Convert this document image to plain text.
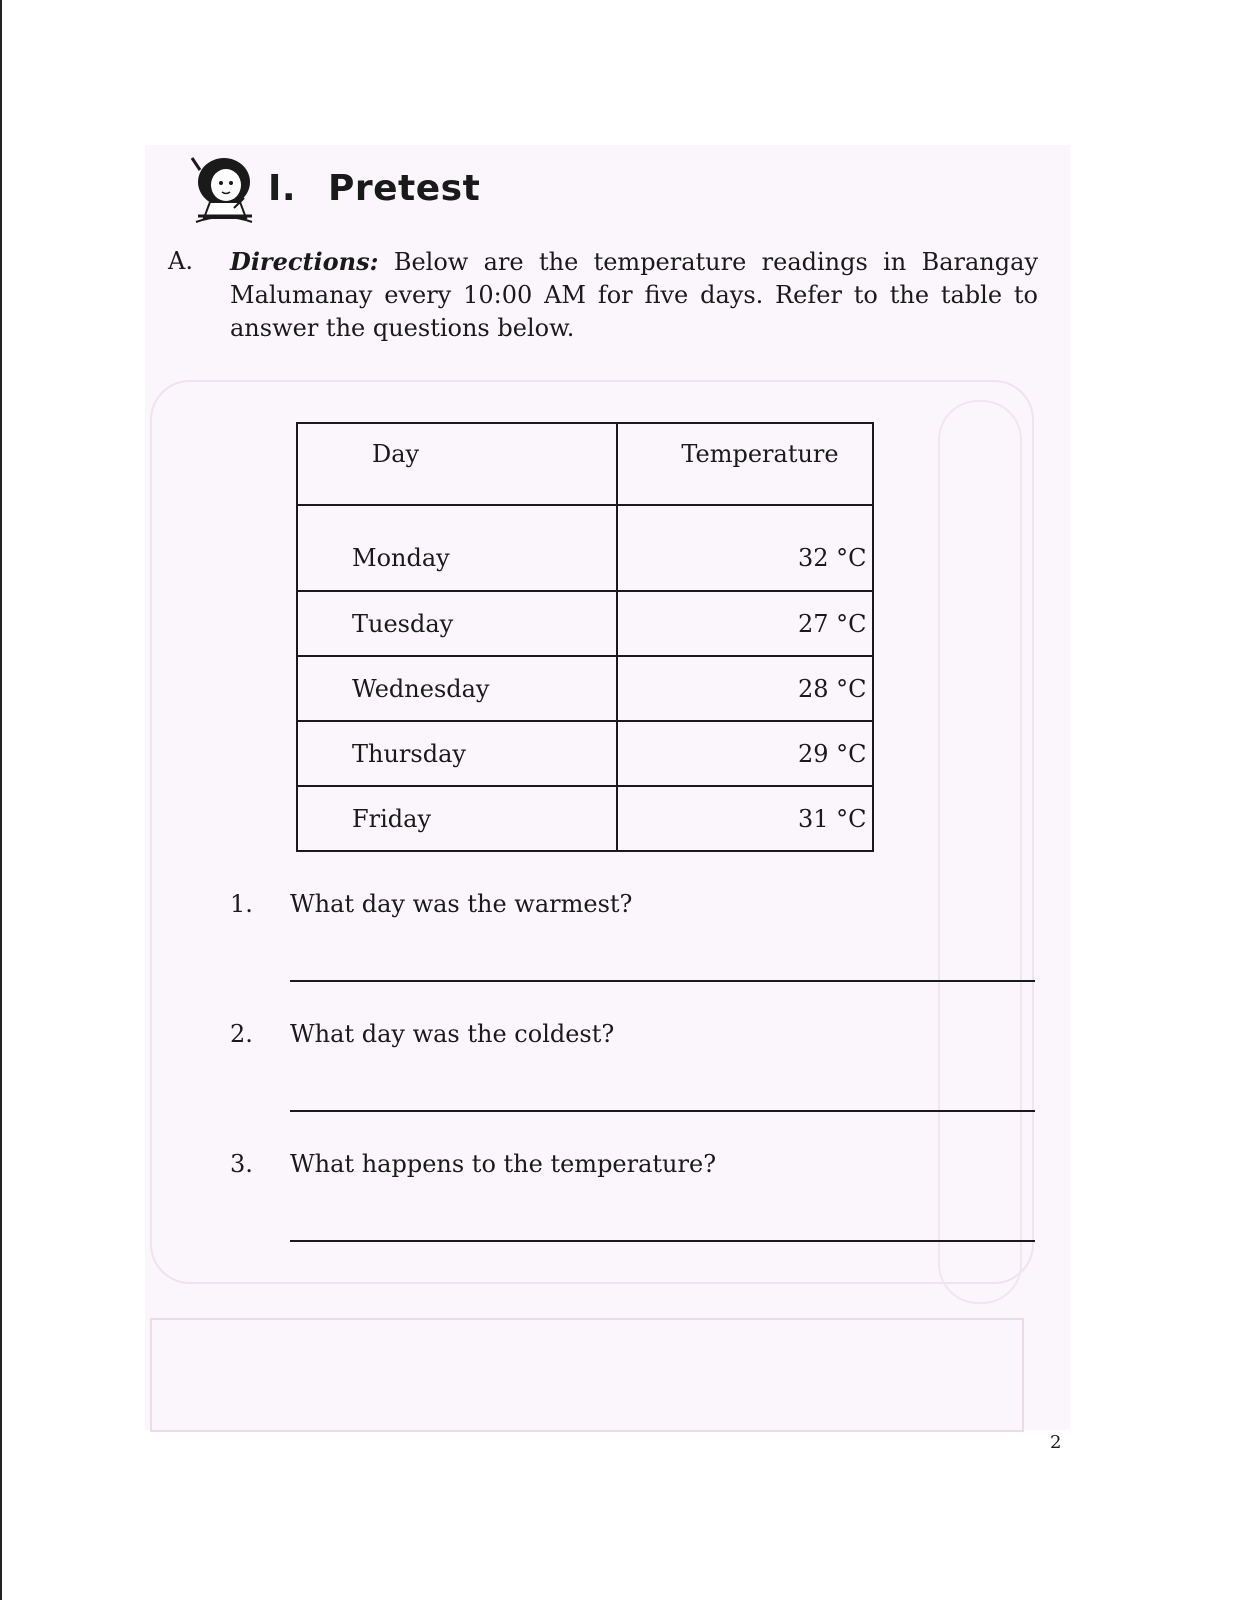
I. Pretest
A. Directions: Below are the temperature readings in Barangay Malumanay every 10:00 AM for five days. Refer to the table to answer the questions below.
Day	Temperature
Monday	32 °C
Tuesday	27 °C
Wednesday	28 °C
Thursday	29 °C
Friday	31 °C
1. What day was the warmest?
2. What day was the coldest?
3. What happens to the temperature?
2
